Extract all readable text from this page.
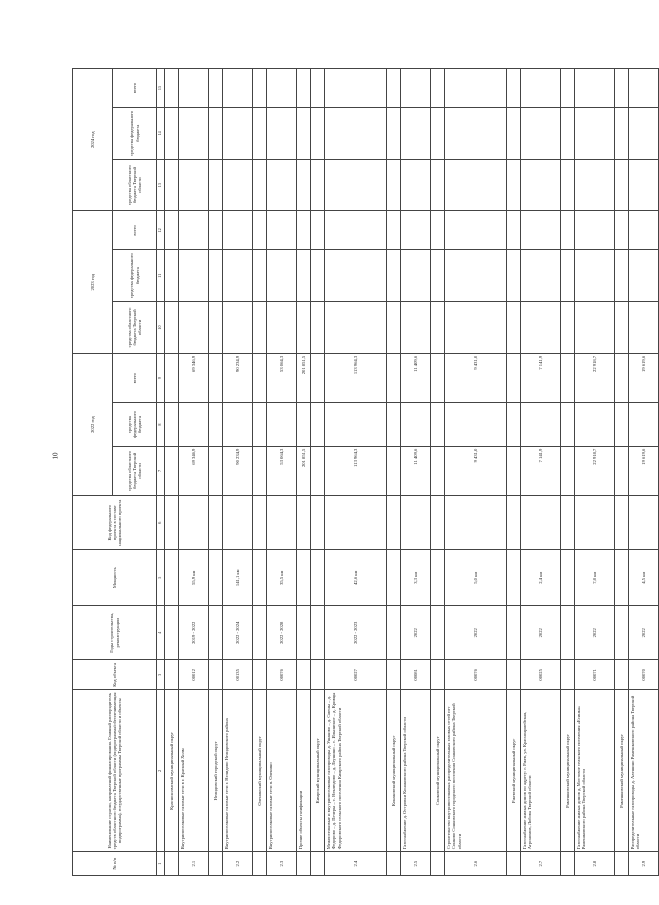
10
№ п/п	Наименование отрасли, направлений финансирования. Главный распорядитель средств областного бюджета Тверской области (подпрограмма/обеспечивающая подпрограмма), государственные программы Тверской области и объекты	Код объекта	Годы строительства, реконструкции	Мощность	Код федерального проекта в составе национального проекта	2022 год			2023 год			2024 год		
						средства областного бюджета Тверской области	средства федерального бюджета	всего	средства областного бюджета Тверской области	средства федерального бюджета	всего	средства областного бюджета Тверской области	средства федерального бюджета	всего
1	2	3	4	5	6	7	8	9	10	11	12	13	14	15
	Краснохолмский муниципальный округ													
2.1	Внутрипоселковые газовые сети в г. Красный Холм	00012	2019 - 2022	55,9 км		69 346,9		69 346,9						
	Нелидовский городской округ													
2.2	Внутрипоселковые газовые сети г. Нелидово Нелидовского района	00135	2022 - 2024	141,1 км		90 234,9		90 234,9						
	Оленинский муниципальный округ													
2.3	Внутрипоселковые газовые сети п. Оленино	00076	2022 - 2028	35,5 км		53 064,3		53 064,3						
	Прочие объекты газификации					201 851,5		201 851,5						
	Кимрский муниципальный округ													
2.4	Межпоселковые и внутрипоселковые газопроводы д. Ушаково – д. Смены – д. Федорово – д. Печеры – с. Неклюдово – д. Леушино – с. Ильинское – д. Кривцы Федоровского сельского поселения Кимрского района Тверской области	00027	2022 - 2023	42,6 км		113 964,3		113 964,3						
	Конаковский муниципальный округ													
2.5	Газоснабжение д. Островки Конаковского района Тверской области	00081	2022	3,3 км		11 409,6		11 409,6						
	Сонковский муниципальный округ													
2.6	Строительство внутрипоселковых распределительных газовых сетей пгт Сонково Сонковского городского поселения Сонковского района Тверской области	00076	2022	5,0 км		9 431,0		9 431,0						
	Ржевский муниципальный округ													
2.7	Газоснабжение жилых домов по адресу: г. Ржев, ул. Красноармейская, Агрономов, Лобова Тверской области	00025	2022	2,4 км		7 141,9		7 141,9						
	Рамешковский муниципальный округ													
2.8	Газоснабжение жилых домов д. Мостовое сельского поселения «Есинка» Рамешковского района Тверской области	00071	2022	7,8 км		22 918,7		22 918,7						
	Рамешковский муниципальный округ													
2.9	Распределительные газопроводы д. Алешино Рамешковского района Тверской области	00070	2022	4,5 км		19 619,6		19 619,6						
